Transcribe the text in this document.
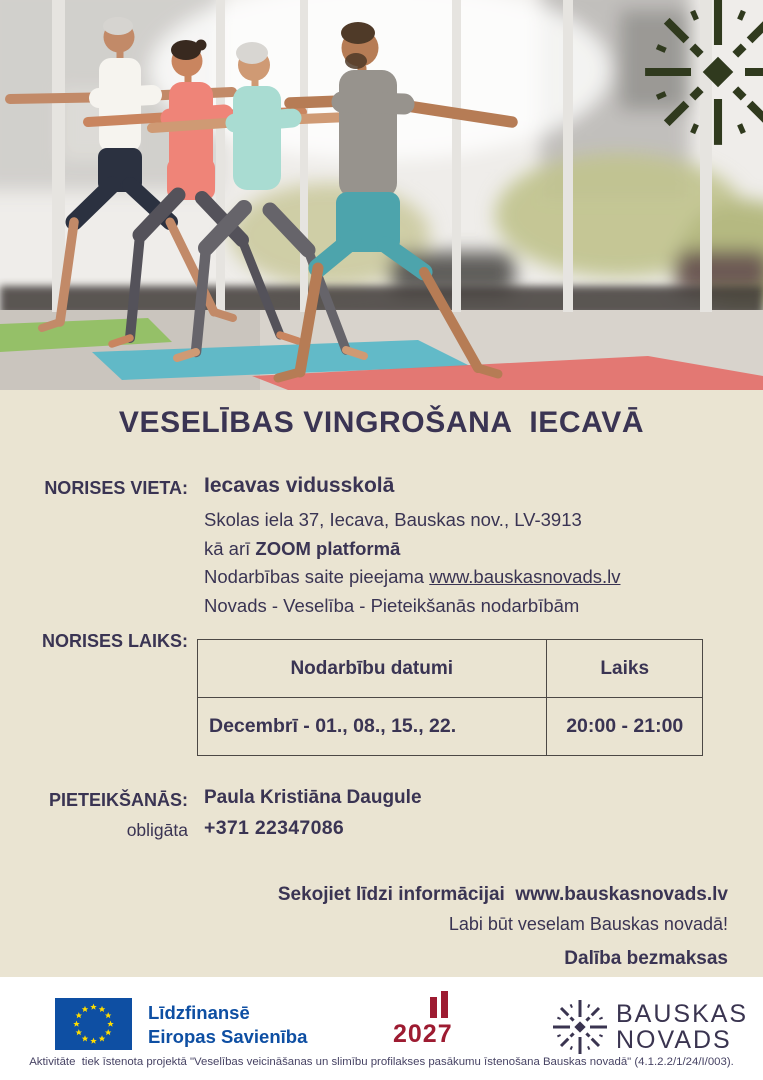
VESELĪBAS VINGROŠANA  IECAVĀ
NORISES VIETA: Iecavas vidusskolā

Skolas iela 37, Iecava, Bauskas nov., LV-3913

kā arī ZOOM platformā

Nodarbības saite pieejama www.bauskasnovads.lv

Novads - Veselība - Pieteikšanās nodarbībām

NORISES LAIKS:
Nodarbību datumi	Laiks
Decembrī - 01., 08., 15., 22.	20:00 - 21:00
PIETEIKŠANĀS:
obligāta

Paula Kristiāna Daugule

+371 22347086

Sekojiet līdzi informācijai  www.bauskasnovads.lv

Labi būt veselam Bauskas novadā!

Dalība bezmaksas

Līdzfinansē
Eiropas Savienība	2027
BAUSKAS
NOVADS
Aktivitāte  tiek īstenota projektā "Veselības veicināšanas un slimību profilakses pasākumu īstenošana Bauskas novadā" (4.1.2.2/1/24/I/003).
